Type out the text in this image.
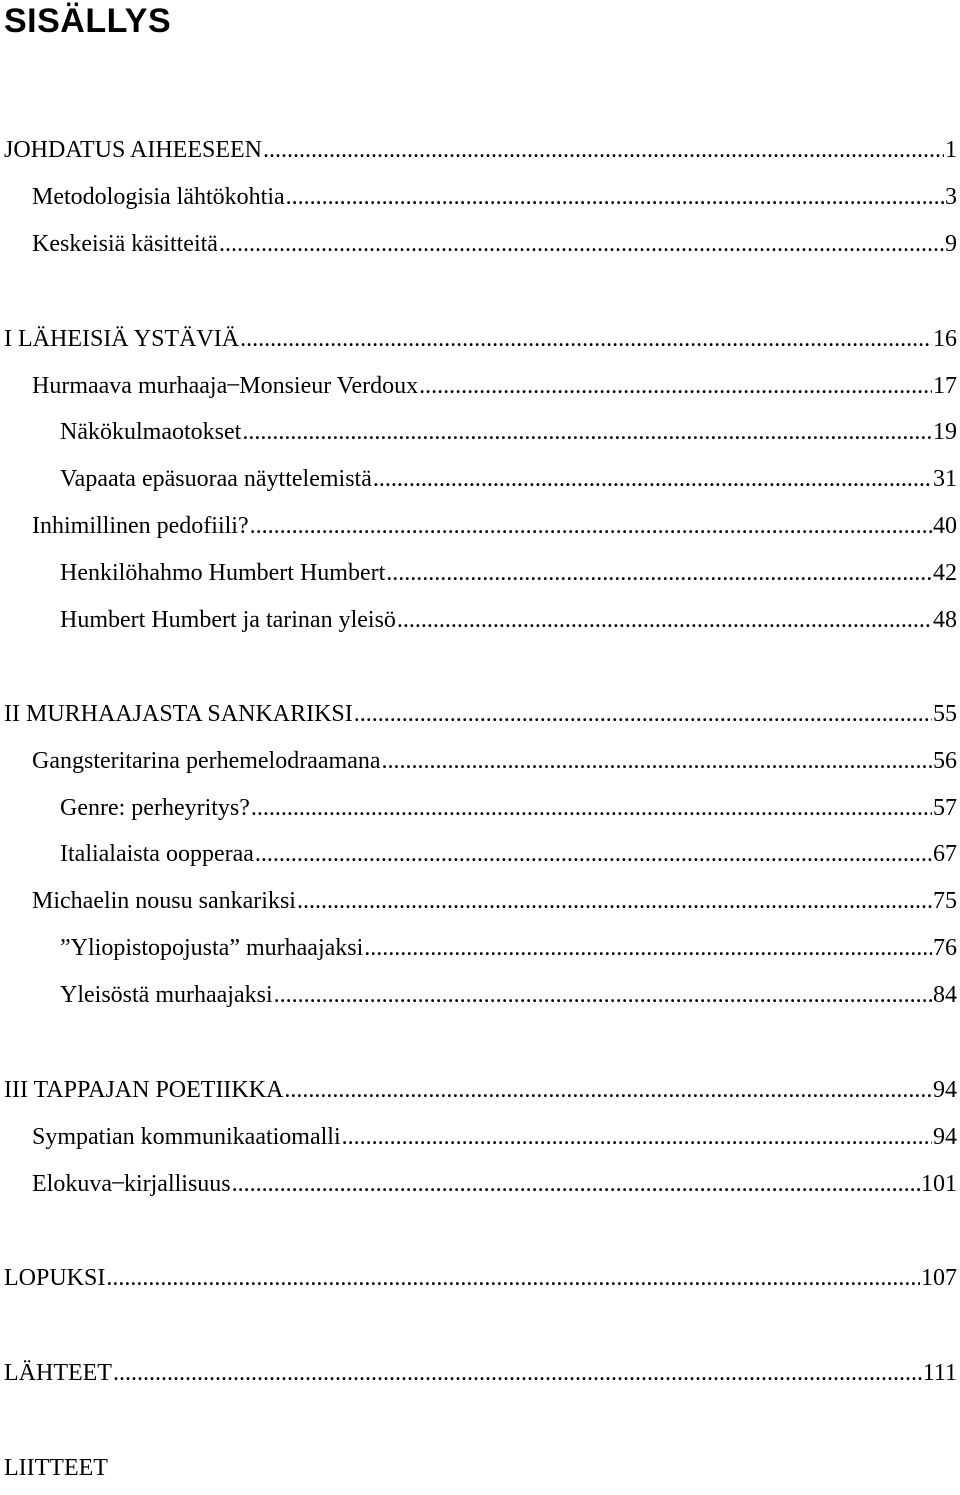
SISÄLLYS
JOHDATUS AIHEESEEN .....	1
Metodologisia lähtökohtia .....	3
Keskeisiä käsitteitä .....	9
I LÄHEISIÄ YSTÄVIÄ .....	16
Hurmaava murhaaja ̶ Monsieur Verdoux .....	17
Näkökulmaotokset .....	19
Vapaata epäsuoraa näyttelemistä .....	31
Inhimillinen pedofiili? .....	40
Henkilöhahmo Humbert Humbert .....	42
Humbert Humbert ja tarinan yleisö .....	48
II MURHAAJASTA SANKARIKSI .....	55
Gangsteritarina perhemelodraamana .....	56
Genre: perheyritys? .....	57
Italialaista oopperaa .....	67
Michaelin nousu sankariksi .....	75
”Yliopistopojusta” murhaajaksi .....	76
Yleisöstä murhaajaksi .....	84
III TAPPAJAN POETIIKKA .....	94
Sympatian kommunikaatiomalli .....	94
Elokuva ̶ kirjallisuus .....	101
LOPUKSI .....	107
LÄHTEET .....	111
LIITTEET
